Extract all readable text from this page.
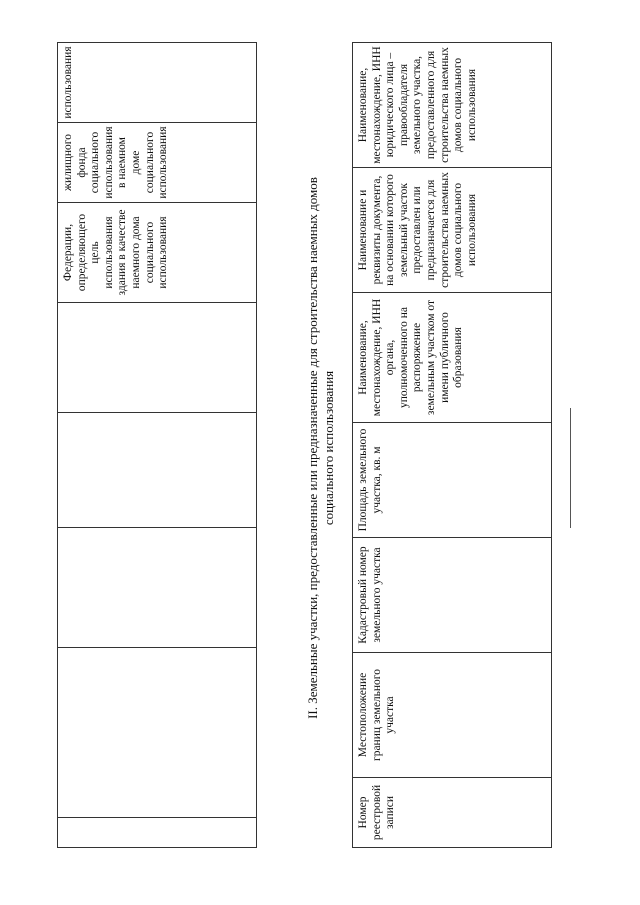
					Федерации, определяющего цель использования здания в качестве наемного дома социального использования	жилищного фонда социального использования в наемном доме социального использования	использования
II. Земельные участки, предоставленные или предназначенные для строительства наемных домов социального использования
Номер реестровой записи	Местоположение границ земельного участка	Кадастровый номер земельного участка	Площадь земельного участка, кв. м	Наименование, местонахождение, ИНН органа, уполномоченного на распоряжение земельным участком от имени публичного образования	Наименование и реквизиты документа, на основании которого земельный участок предоставлен или предназначается для строительства наемных домов социального использования	Наименование, местонахождение, ИНН юридического лица – правообладателя земельного участка, предоставленного для строительства наемных домов социального использования
